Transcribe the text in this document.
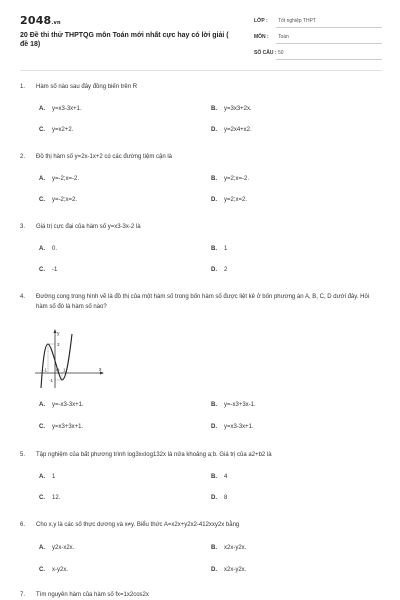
2048.vn
20 Đề thi thử THPTQG môn Toán mới nhất cực hay có lời giải ( đề 18)
LỚP :	Tốt nghiệp THPT
MÔN :	Toán
SỐ CÂU : 50
1.	Hàm số nào sau đây đồng biến trên R
A. y=x3-3x+1.	B. y=3x3+2x.
C. y=x2+2.	D. y=2x4+x2.
2.	Đồ thị hàm số y=2x-1x+2 có các đường tiệm cận là
A. y=-2;x=-2.	B. y=2;x=-2.
C. y=-2;x=2.	D. y=2;x=2.
3.	Giá trị cực đại của hàm số y=x3-3x-2 là
A. 0.	B. 1
C. -1	D. 2
4.	Đường cong trong hình vẽ là đồ thị của một hàm số trong bốn hàm số được liệt kê ở bốn phương án A, B, C, D dưới đây. Hỏi hàm số đó là hàm số nào?
A. y=-x3-3x+1.	B. y=-x3+3x-1.
C. y=x3+3x+1.	D. y=x3-3x+1.
y
x
3
1
-1 O
-1
5.	Tập nghiệm của bất phương trình log3x≤log132x là nửa khoảng a;b. Giá trị của a2+b2 là
A. 1	B. 4
C. 12.	D. 8
6.	Cho x,y là các số thực dương và x≠y. Biểu thức A=x2x+y2x2-412xxy2x bằng
A. y2x-x2x.	B. x2x-y2x.
C. x-y2x.	D. x2x-y2x.
7.	Tìm nguyên hàm của hàm số fx=1x2cos2x
